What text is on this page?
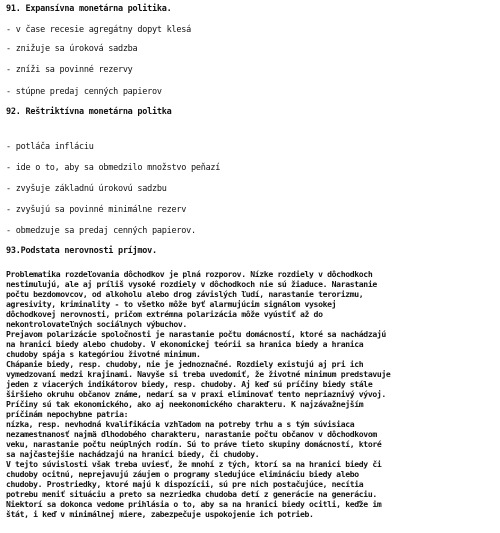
91. Expansívna monetárna politika.
- v čase recesie agregátny dopyt klesá
- znižuje sa úroková sadzba
- zníži sa povinné rezervy
- stúpne predaj cenných papierov
92. Reštriktívna monetárna politka
- potláča infláciu
- ide o to, aby sa obmedzilo množstvo peňazí
- zvyšuje základnú úrokovú sadzbu
- zvyšujú sa povinné minimálne rezerv
- obmedzuje sa predaj cenných papierov.
93.Podstata nerovnosti príjmov.
Problematika rozdeľovania dôchodkov je plná rozporov. Nízke rozdiely v dôchodkoch
nestimulujú, ale aj príliš vysoké rozdiely v dôchodkoch nie sú žiaduce. Narastanie
počtu bezdomovcov, od alkoholu alebo drog závislých ľudí, narastanie terorizmu,
agresivity, kriminality - to všetko môže byť alarmujúcim signálom vysokej
dôchodkovej nerovnosti, pričom extrémna polarizácia môže vyústiť až do
nekontrolovateľných sociálnych výbuchov.
Prejavom polarizácie spoločnosti je narastanie počtu domácností, ktoré sa nachádzajú
na hranici biedy alebo chudoby. V ekonomickej teórii sa hranica biedy a hranica
chudoby spája s kategóriou životné minimum.
Chápanie biedy, resp. chudoby, nie je jednoznačné. Rozdiely existujú aj pri ich
vymedzovaní medzi krajinami. Navyše si treba uvedomiť, že životné minimum predstavuje
jeden z viacerých indikátorov biedy, resp. chudoby. Aj keď sú príčiny biedy stále
širšieho okruhu občanov známe, nedarí sa v praxi eliminovať tento nepriaznivý vývoj.
Príčiny sú tak ekonomického, ako aj neekonomického charakteru. K najzávažnejším
príčinám nepochybne patria:
nízka, resp. nevhodná kvalifikácia vzhľadom na potreby trhu a s tým súvisiaca
nezamestnanosť najmä dlhodobého charakteru, narastanie počtu občanov v dôchodkovom
veku, narastanie počtu neúplných rodín. Sú to práve tieto skupiny domácností, ktoré
sa najčastejšie nachádzajú na hranici biedy, či chudoby.
V tejto súvislosti však treba uviesť, že mnohí z tých, ktorí sa na hranici biedy či
chudoby ocitnú, neprejavujú záujem o programy sledujúce elimináciu biedy alebo
chudoby. Prostriedky, ktoré majú k dispozícii, sú pre nich postačujúce, necítia
potrebu meniť situáciu a preto sa nezriedka chudoba detí z generácie na generáciu.
Niektorí sa dokonca vedome prihlásia o to, aby sa na hranici biedy ocitli, keďže im
štát, i keď v minimálnej miere, zabezpečuje uspokojenie ich potrieb.
